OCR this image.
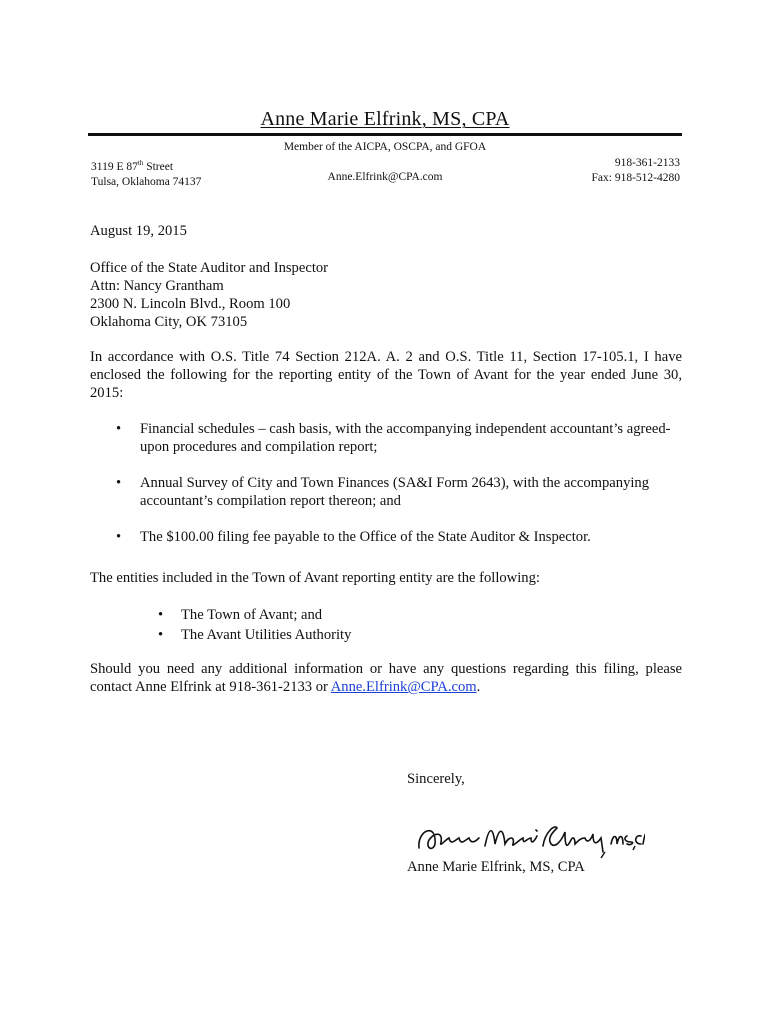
Anne Marie Elfrink, MS, CPA
Member of the AICPA, OSCPA, and GFOA
3119 E 87th Street
Tulsa, Oklahoma 74137	Anne.Elfrink@CPA.com
918-361-2133
Fax: 918-512-4280
August 19, 2015
Office of the State Auditor and Inspector
Attn: Nancy Grantham
2300 N. Lincoln Blvd., Room 100
Oklahoma City, OK 73105
In accordance with O.S. Title 74 Section 212A. A. 2 and O.S. Title 11, Section 17-105.1, I have enclosed the following for the reporting entity of the Town of Avant for the year ended June 30, 2015:
• Financial schedules – cash basis, with the accompanying independent accountant’s agreed-upon procedures and compilation report;
• Annual Survey of City and Town Finances (SA&I Form 2643), with the accompanying accountant’s compilation report thereon; and
• The $100.00 filing fee payable to the Office of the State Auditor & Inspector.
The entities included in the Town of Avant reporting entity are the following:
• The Town of Avant; and
• The Avant Utilities Authority
Should you need any additional information or have any questions regarding this filing, please contact Anne Elfrink at 918-361-2133 or Anne.Elfrink@CPA.com.
Sincerely,
Anne Marie Elfrink, MS, CPA
